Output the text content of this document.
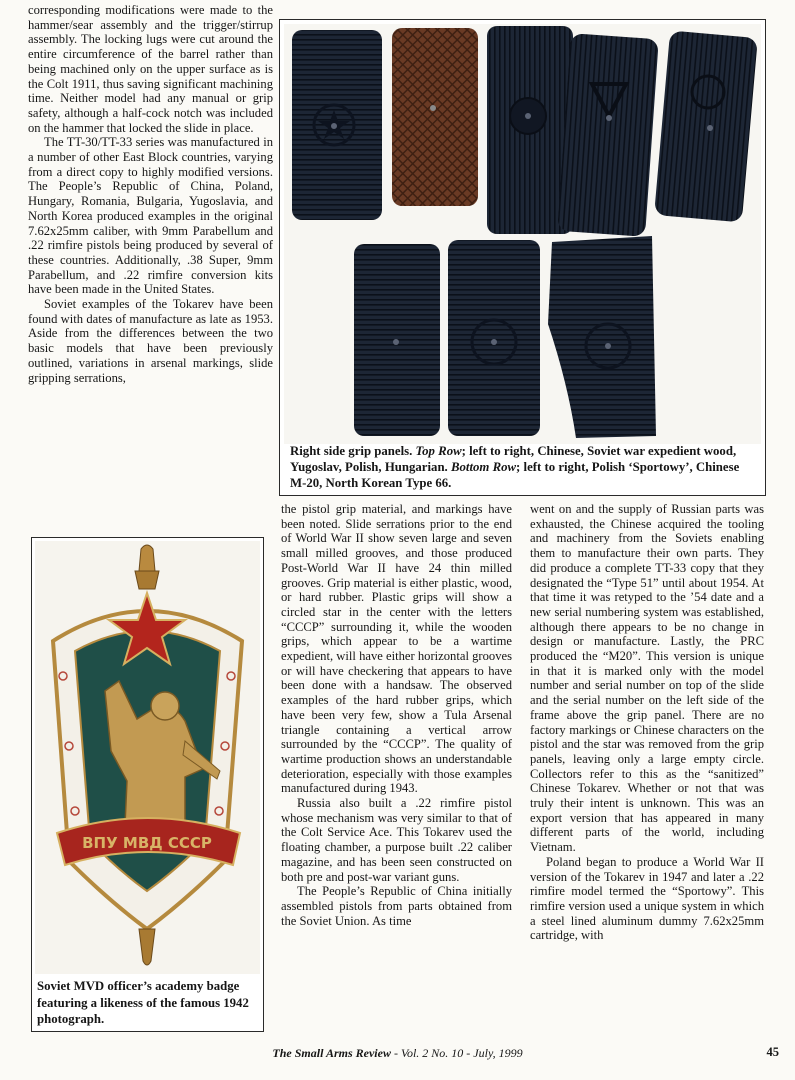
corresponding modifications were made to the hammer/sear assembly and the trigger/stirrup assembly. The locking lugs were cut around the entire circumference of the barrel rather than being machined only on the upper surface as is the Colt 1911, thus saving significant machining time. Neither model had any manual or grip safety, although a half-cock notch was included on the hammer that locked the slide in place.

The TT-30/TT-33 series was manufactured in a number of other East Block countries, varying from a direct copy to highly modified versions. The People’s Republic of China, Poland, Hungary, Romania, Bulgaria, Yugoslavia, and North Korea produced examples in the original 7.62x25mm caliber, with 9mm Parabellum and .22 rimfire pistols being produced by several of these countries. Additionally, .38 Super, 9mm Parabellum, and .22 rimfire conversion kits have been made in the United States.

Soviet examples of the Tokarev have been found with dates of manufacture as late as 1953. Aside from the differences between the two basic models that have been previously outlined, variations in arsenal markings, slide gripping serrations,

Right side grip panels. Top Row; left to right, Chinese, Soviet war expedient wood, Yugoslav, Polish, Hungarian. Bottom Row; left to right, Polish ‘Sportowy’, Chinese M-20, North Korean Type 66.
ВПУ МВД СССР
Soviet MVD officer’s academy badge featuring a likeness of the famous 1942 photograph.

the pistol grip material, and markings have been noted. Slide serrations prior to the end of World War II show seven large and seven small milled grooves, and those produced Post-World War II have 24 thin milled grooves. Grip material is either plastic, wood, or hard rubber. Plastic grips will show a circled star in the center with the letters “CCCP” surrounding it, while the wooden grips, which appear to be a wartime expedient, will have either horizontal grooves or will have checkering that appears to have been done with a handsaw. The observed examples of the hard rubber grips, which have been very few, show a Tula Arsenal triangle containing a vertical arrow surrounded by the “CCCP”. The quality of wartime production shows an understandable deterioration, especially with those examples manufactured during 1943.

Russia also built a .22 rimfire pistol whose mechanism was very similar to that of the Colt Service Ace. This Tokarev used the floating chamber, a purpose built .22 caliber magazine, and has been seen constructed on both pre and post-war variant guns.

The People’s Republic of China initially assembled pistols from parts obtained from the Soviet Union. As time

went on and the supply of Russian parts was exhausted, the Chinese acquired the tooling and machinery from the Soviets enabling them to manufacture their own parts. They did produce a complete TT-33 copy that they designated the “Type 51” until about 1954. At that time it was retyped to the ’54 date and a new serial numbering system was established, although there appears to be no change in design or manufacture. Lastly, the PRC produced the “M20”. This version is unique in that it is marked only with the model number and serial number on top of the slide and the serial number on the left side of the frame above the grip panel. There are no factory markings or Chinese characters on the pistol and the star was removed from the grip panels, leaving only a large empty circle. Collectors refer to this as the “sanitized” Chinese Tokarev. Whether or not that was truly their intent is unknown. This was an export version that has appeared in many different parts of the world, including Vietnam.

Poland began to produce a World War II version of the Tokarev in 1947 and later a .22 rimfire model termed the “Sportowy”. This rimfire version used a unique system in which a steel lined aluminum dummy 7.62x25mm cartridge, with

The Small Arms Review - Vol. 2 No. 10 - July, 1999	45
